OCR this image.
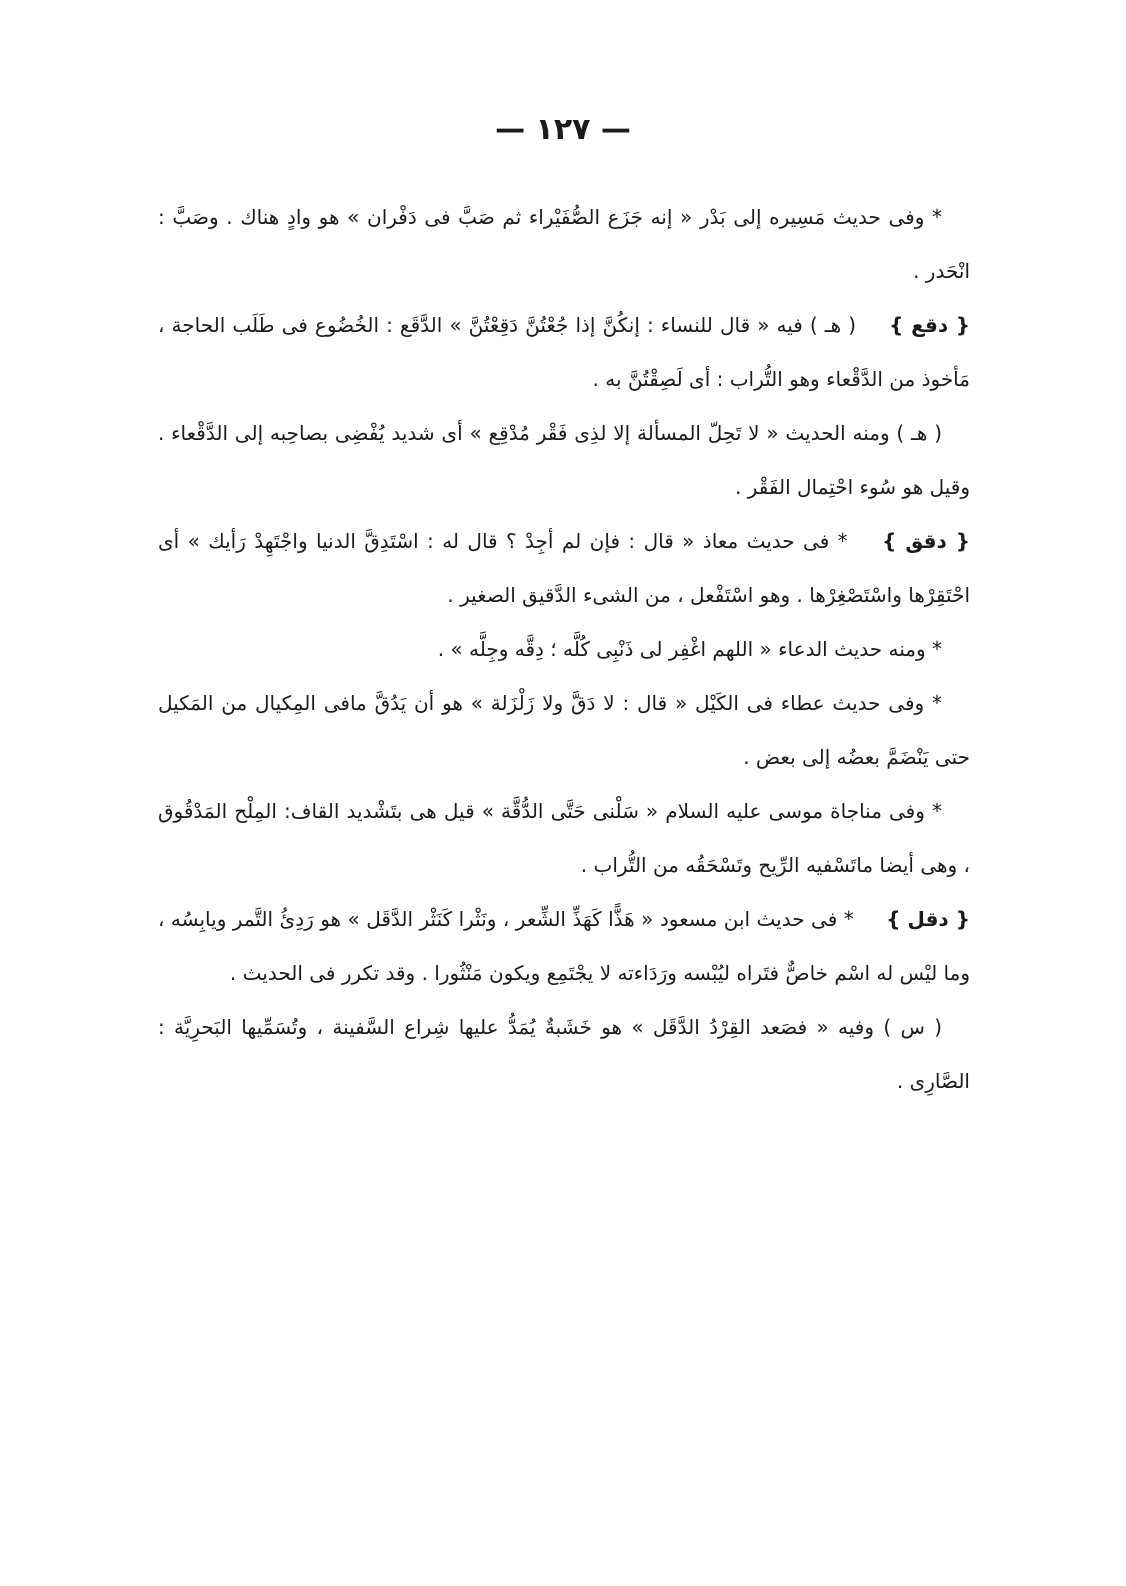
— ١٢٧ —

* وفى حديث مَسِيره إلى بَدْر « إنه جَزَع الصُّفَيْراء ثم صَبَّ فى دَفْران » هو وادٍ هناك . وصَبَّ : انْحَدر .

{ دقع } ( هـ ) فيه « قال للنساء : إنكُنَّ إذا جُعْتُنَّ دَقِعْتُنَّ » الدَّقَع : الخُضُوع فى طَلَب الحاجة ، مَأخوذ من الدَّقْعاء وهو التُّراب : أى لَصِقْتُنَّ به .

( هـ ) ومنه الحديث « لا تَحِلّ المسألة إلا لذِى فَقْر مُدْقِع » أى شديد يُفْضِى بصاحِبه إلى الدَّقْعاء . وقيل هو سُوء احْتِمال الفَقْر .

{ دقق } * فى حديث معاذ « قال : فإن لم أجِدْ ؟ قال له : اسْتَدِقَّ الدنيا واجْتَهِدْ رَأيك » أى احْتَقِرْها واسْتَصْغِرْها . وهو اسْتَفْعل ، من الشىء الدَّقيق الصغير .

* ومنه حديث الدعاء « اللهم اغْفِر لى ذَنْبِى كُلَّه ؛ دِقَّه وجِلَّه » .

* وفى حديث عطاء فى الكَيْل « قال : لا دَقَّ ولا زَلْزَلة » هو أن يَدُقَّ مافى المِكيال من المَكيل حتى يَنْضَمَّ بعضُه إلى بعض .

* وفى مناجاة موسى عليه السلام « سَلْنى حَتَّى الدُّقَّة » قيل هى بتَشْديد القاف: المِلْح المَدْقُوق ، وهى أيضا ماتَسْفيه الرِّيح وتَسْحَقُه من التُّراب .

{ دقل } * فى حديث ابن مسعود « هَذًّا كَهَذِّ الشِّعر ، ونَثْرا كَنَثْر الدَّقَل » هو رَدِئُ التَّمر ويابِسُه ، وما ليْس له اسْم خاصٌّ فتَراه ليُبْسه ورَدَاءته لا يجْتَمِع ويكون مَنْثُورا . وقد تكرر فى الحديث .

( س ) وفيه « فصَعد القِرْدُ الدَّقَل » هو خَشَبةٌ يُمَدُّ عليها شِراع السَّفينة ، وتُسَمِّيها البَحرِيَّة : الصَّارِى .
